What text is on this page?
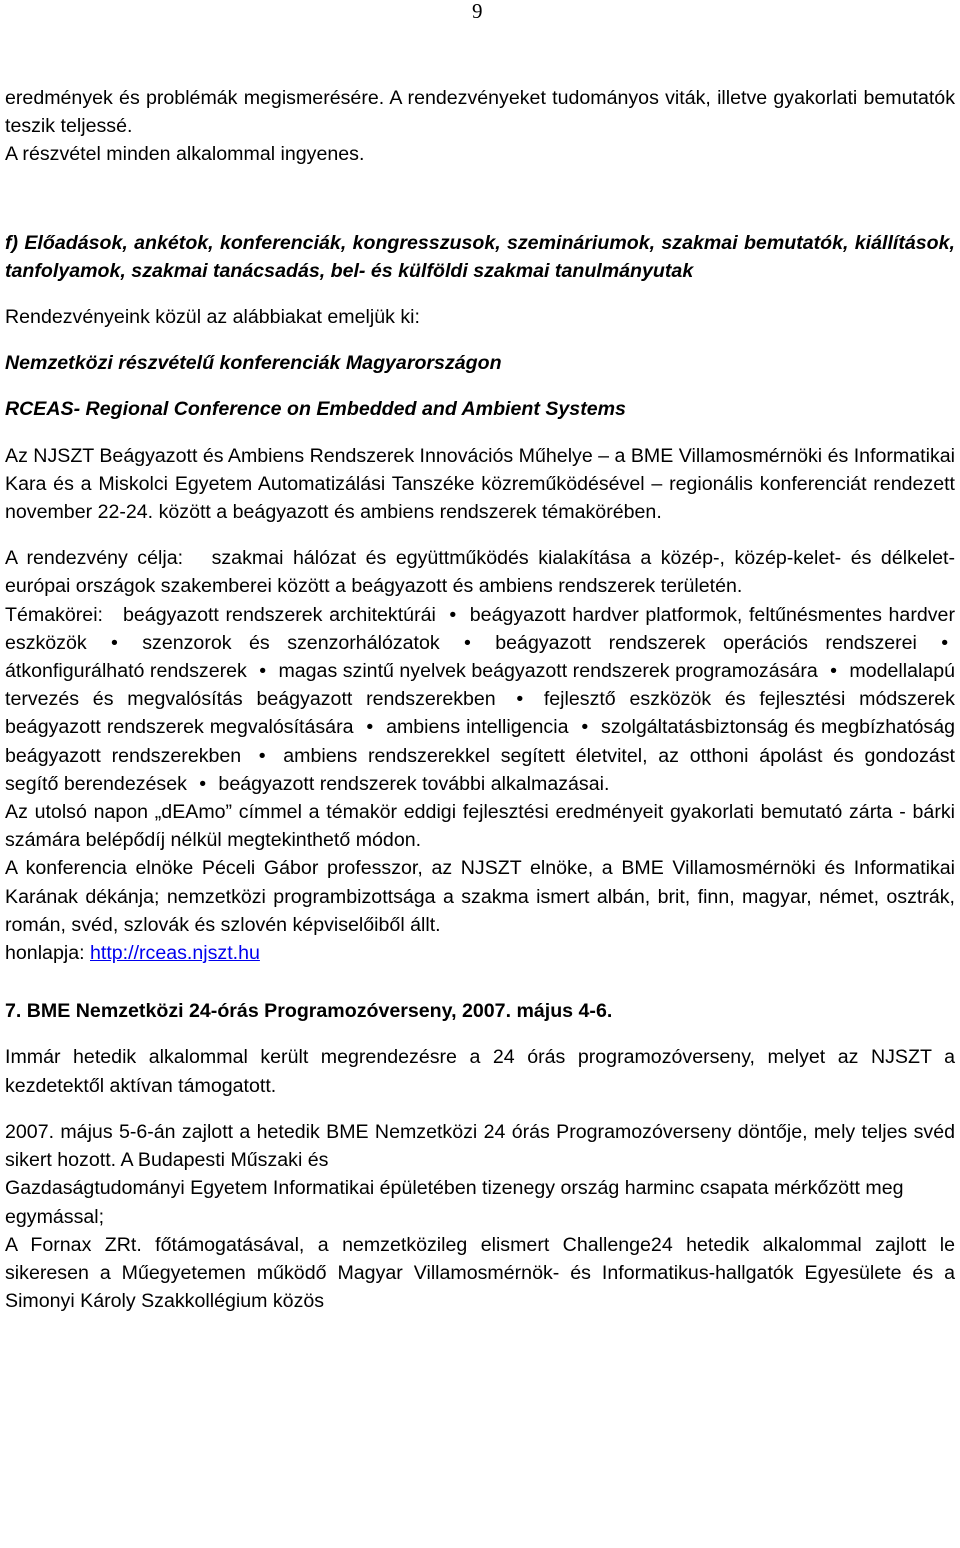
9

eredmények és problémák megismerésére. A rendezvényeket tudományos viták, illetve gyakorlati bemutatók teszik teljessé.

A részvétel minden alkalommal ingyenes.

f) Előadások, ankétok, konferenciák, kongresszusok, szemináriumok, szakmai bemutatók, kiállítások, tanfolyamok, szakmai tanácsadás, bel- és külföldi szakmai tanulmányutak

Rendezvényeink közül az alábbiakat emeljük ki:

Nemzetközi részvételű konferenciák Magyarországon

RCEAS- Regional Conference on Embedded and Ambient Systems

Az NJSZT Beágyazott és Ambiens Rendszerek Innovációs Műhelye – a BME Villamosmérnöki és Informatikai Kara és a Miskolci Egyetem Automatizálási Tanszéke közreműködésével – regionális konferenciát rendezett november 22-24. között a beágyazott és ambiens rendszerek témakörében.

A rendezvény célja: szakmai hálózat és együttműködés kialakítása a közép-, közép-kelet- és délkelet-európai országok szakemberei között a beágyazott és ambiens rendszerek területén.

Témakörei: beágyazott rendszerek architektúrái • beágyazott hardver platformok, feltűnésmentes hardver eszközök • szenzorok és szenzorhálózatok • beágyazott rendszerek operációs rendszerei • átkonfigurálható rendszerek • magas szintű nyelvek beágyazott rendszerek programozására • modellalapú tervezés és megvalósítás beágyazott rendszerekben • fejlesztő eszközök és fejlesztési módszerek beágyazott rendszerek megvalósítására • ambiens intelligencia • szolgáltatásbiztonság és megbízhatóság beágyazott rendszerekben • ambiens rendszerekkel segített életvitel, az otthoni ápolást és gondozást segítő berendezések • beágyazott rendszerek további alkalmazásai.

Az utolsó napon „dEAmo” címmel a témakör eddigi fejlesztési eredményeit gyakorlati bemutató zárta - bárki számára belépődíj nélkül megtekinthető módon.

A konferencia elnöke Péceli Gábor professzor, az NJSZT elnöke, a BME Villamosmérnöki és Informatikai Karának dékánja; nemzetközi programbizottsága a szakma ismert albán, brit, finn, magyar, német, osztrák, román, svéd, szlovák és szlovén képviselőiből állt.

honlapja: http://rceas.njszt.hu

7. BME Nemzetközi 24-órás Programozóverseny, 2007. május 4-6.

Immár hetedik alkalommal került megrendezésre a 24 órás programozóverseny, melyet az NJSZT a kezdetektől aktívan támogatott.

2007. május 5-6-án zajlott a hetedik BME Nemzetközi 24 órás Programozóverseny döntője, mely teljes svéd sikert hozott. A Budapesti Műszaki és

Gazdaságtudományi Egyetem Informatikai épületében tizenegy ország harminc csapata mérkőzött meg egymással;

A Fornax ZRt. főtámogatásával, a nemzetközileg elismert Challenge24 hetedik alkalommal zajlott le sikeresen a Műegyetemen működő Magyar Villamosmérnök- és Informatikus-hallgatók Egyesülete és a Simonyi Károly Szakkollégium közös
